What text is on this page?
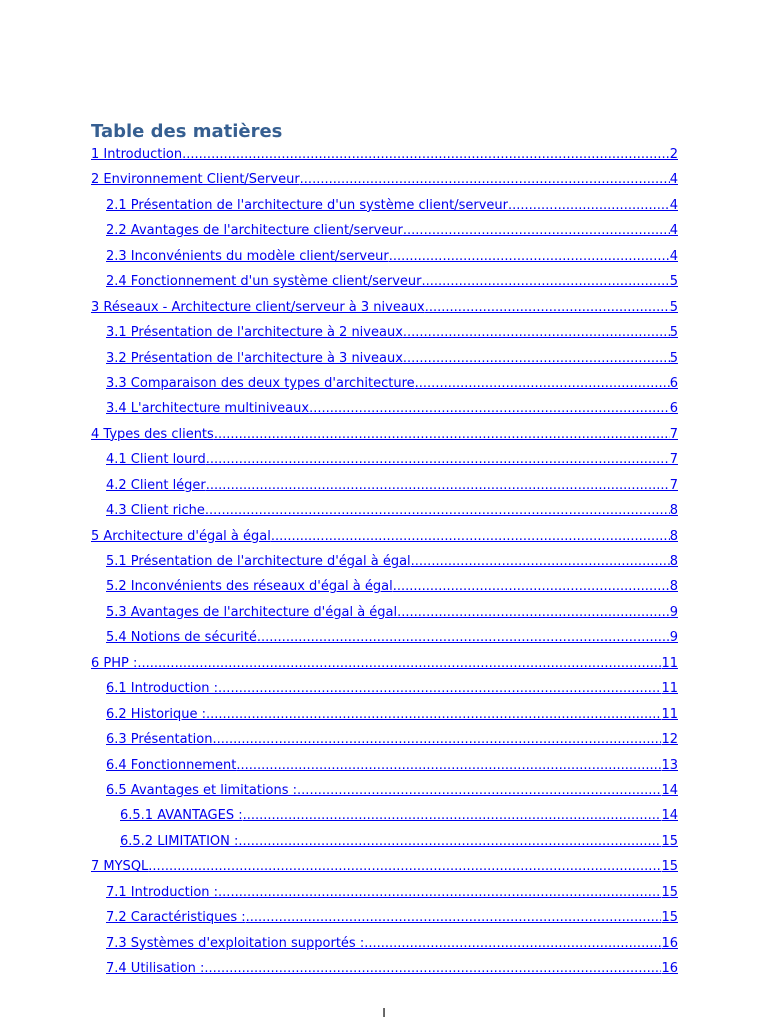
Table des matières
1 Introduction .....	2
2 Environnement Client/Serveur .....	4
2.1 Présentation de l'architecture d'un système client/serveur .....	4
2.2 Avantages de l'architecture client/serveur .....	4
2.3 Inconvénients du modèle client/serveur .....	4
2.4 Fonctionnement d'un système client/serveur .....	5
3 Réseaux - Architecture client/serveur à 3 niveaux .....	5
3.1 Présentation de l'architecture à 2 niveaux .....	5
3.2 Présentation de l'architecture à 3 niveaux .....	5
3.3 Comparaison des deux types d'architecture .....	6
3.4 L'architecture multiniveaux .....	6
4 Types des clients .....	7
4.1 Client lourd .....	7
4.2 Client léger .....	7
4.3 Client riche .....	8
5 Architecture d'égal à égal .....	8
5.1 Présentation de l'architecture d'égal à égal .....	8
5.2 Inconvénients des réseaux d'égal à égal .....	8
5.3 Avantages de l'architecture d'égal à égal .....	9
5.4 Notions de sécurité .....	9
6 PHP : .....	11
6.1 Introduction : .....	11
6.2 Historique : .....	11
6.3 Présentation .....	12
6.4 Fonctionnement .....	13
6.5 Avantages et limitations : .....	14
6.5.1 AVANTAGES : .....	14
6.5.2 LIMITATION : .....	15
7 MYSQL .....	15
7.1 Introduction : .....	15
7.2 Caractéristiques : .....	15
7.3 Systèmes d'exploitation supportés : .....	16
7.4 Utilisation : .....	16
I
